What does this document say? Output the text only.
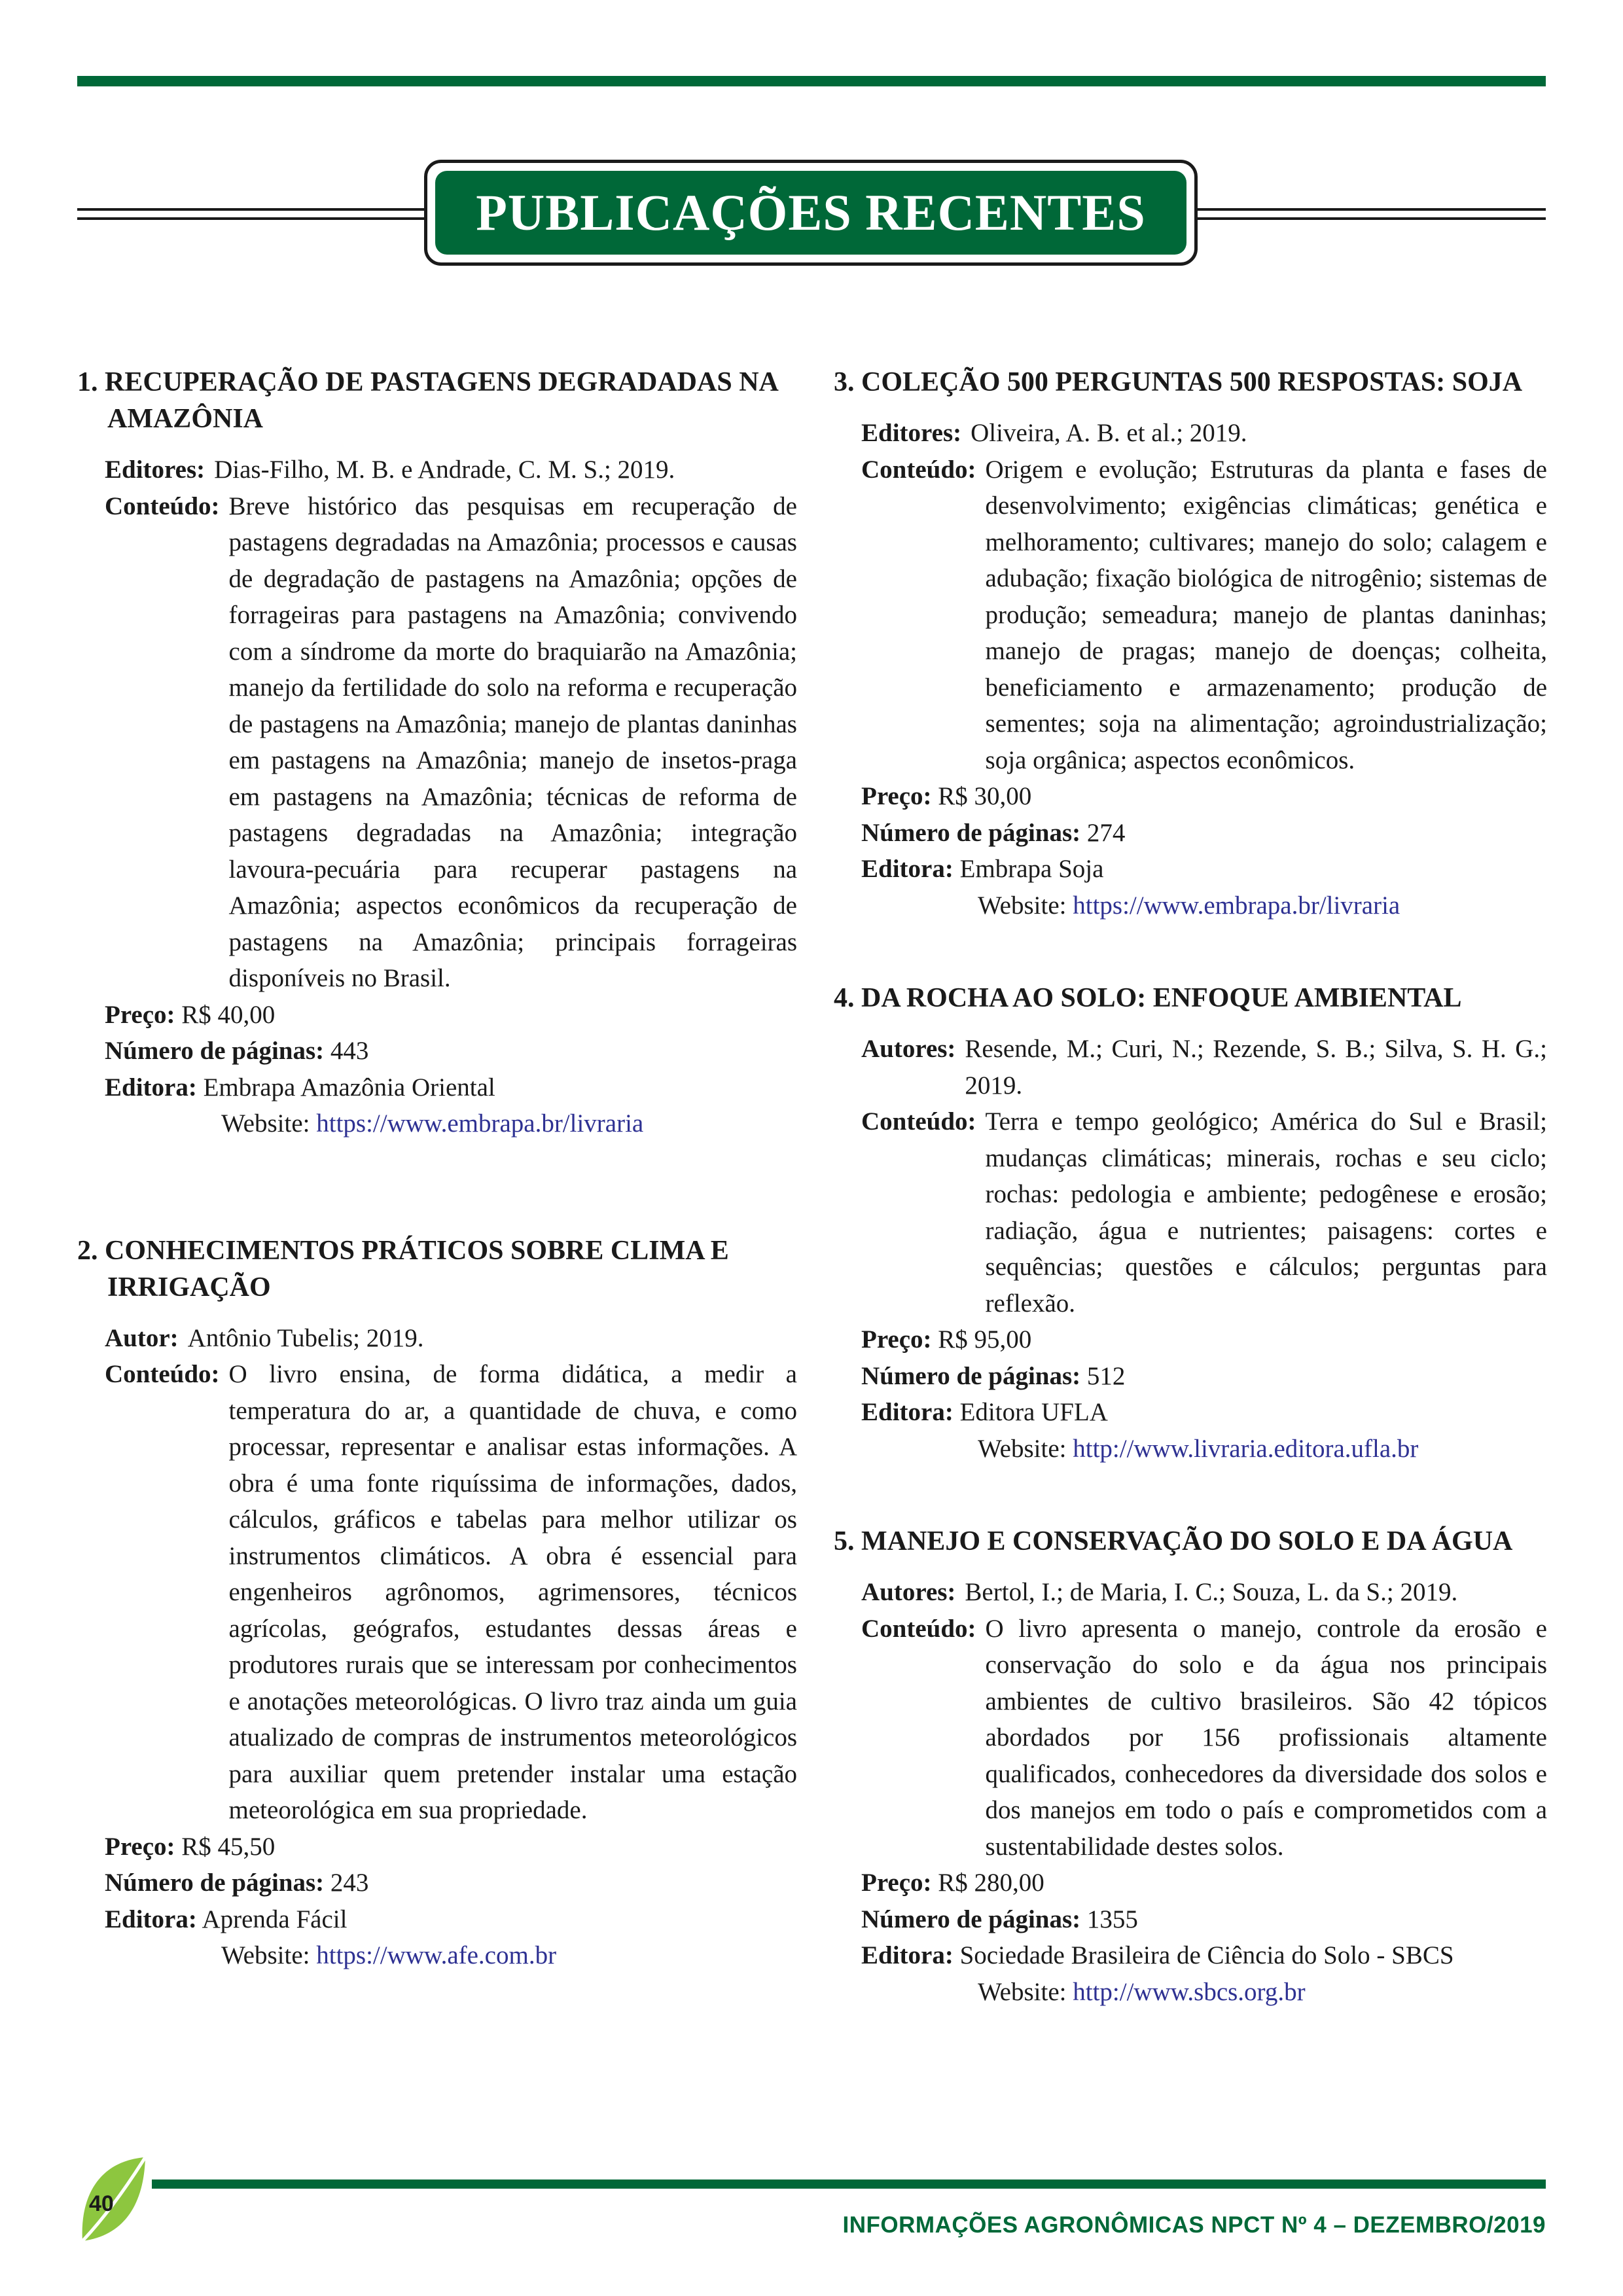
PUBLICAÇÕES RECENTES
1. RECUPERAÇÃO DE PASTAGENS DEGRADADAS NA AMAZÔNIA
Editores: Dias-Filho, M. B. e Andrade, C. M. S.; 2019.
Conteúdo: Breve histórico das pesquisas em recuperação de pastagens degradadas na Amazônia; processos e causas de degradação de pastagens na Amazônia; opções de forrageiras para pastagens na Amazônia; convivendo com a síndrome da morte do braquiarão na Amazônia; manejo da fertilidade do solo na reforma e recuperação de pastagens na Amazônia; manejo de plantas daninhas em pastagens na Amazônia; manejo de insetos-praga em pastagens na Amazônia; técnicas de reforma de pastagens degradadas na Amazônia; integração lavoura-pecuária para recuperar pastagens na Amazônia; aspectos econômicos da recuperação de pastagens na Amazônia; principais forrageiras disponíveis no Brasil.
Preço: R$ 40,00
Número de páginas: 443
Editora: Embrapa Amazônia Oriental
Website: https://www.embrapa.br/livraria
2. CONHECIMENTOS PRÁTICOS SOBRE CLIMA E IRRIGAÇÃO
Autor: Antônio Tubelis; 2019.
Conteúdo: O livro ensina, de forma didática, a medir a temperatura do ar, a quantidade de chuva, e como processar, representar e analisar estas informações. A obra é uma fonte riquíssima de informações, dados, cálculos, gráficos e tabelas para melhor utilizar os instrumentos climáticos. A obra é essencial para engenheiros agrônomos, agrimensores, técnicos agrícolas, geógrafos, estudantes dessas áreas e produtores rurais que se interessam por conhecimentos e anotações meteorológicas. O livro traz ainda um guia atualizado de compras de instrumentos meteorológicos para auxiliar quem pretender instalar uma estação meteorológica em sua propriedade.
Preço: R$ 45,50
Número de páginas: 243
Editora: Aprenda Fácil
Website: https://www.afe.com.br
3. COLEÇÃO 500 PERGUNTAS 500 RESPOSTAS: SOJA
Editores: Oliveira, A. B. et al.; 2019.
Conteúdo: Origem e evolução; Estruturas da planta e fases de desenvolvimento; exigências climáticas; genética e melhoramento; cultivares; manejo do solo; calagem e adubação; fixação biológica de nitrogênio; sistemas de produção; semeadura; manejo de plantas daninhas; manejo de pragas; manejo de doenças; colheita, beneficiamento e armazenamento; produção de sementes; soja na alimentação; agroindustrialização; soja orgânica; aspectos econômicos.
Preço: R$ 30,00
Número de páginas: 274
Editora: Embrapa Soja
Website: https://www.embrapa.br/livraria
4. DA ROCHA AO SOLO: ENFOQUE AMBIENTAL
Autores: Resende, M.; Curi, N.; Rezende, S. B.; Silva, S. H. G.; 2019.
Conteúdo: Terra e tempo geológico; América do Sul e Brasil; mudanças climáticas; minerais, rochas e seu ciclo; rochas: pedologia e ambiente; pedogênese e erosão; radiação, água e nutrientes; paisagens: cortes e sequências; questões e cálculos; perguntas para reflexão.
Preço: R$ 95,00
Número de páginas: 512
Editora: Editora UFLA
Website: http://www.livraria.editora.ufla.br
5. MANEJO E CONSERVAÇÃO DO SOLO E DA ÁGUA
Autores: Bertol, I.; de Maria, I. C.; Souza, L. da S.; 2019.
Conteúdo: O livro apresenta o manejo, controle da erosão e conservação do solo e da água nos principais ambientes de cultivo brasileiros. São 42 tópicos abordados por 156 profissionais altamente qualificados, conhecedores da diversidade dos solos e dos manejos em todo o país e comprometidos com a sustentabilidade destes solos.
Preço: R$ 280,00
Número de páginas: 1355
Editora: Sociedade Brasileira de Ciência do Solo - SBCS
Website: http://www.sbcs.org.br
40
INFORMAÇÕES AGRONÔMICAS NPCT Nº 4 – DEZEMBRO/2019
